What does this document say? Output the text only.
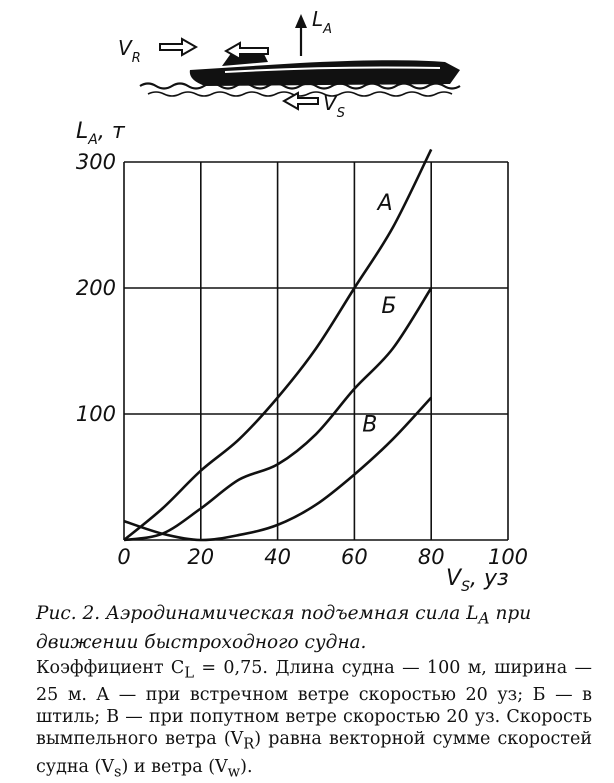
$V_R$
$L_A$
$V_S$
0	20 40 60 80 100
100
200
300
A
Б
В
$L_A$, т
$V_S$, уз

Рис. 2. Аэродинамическая подъемная сила $L_A$ при движении быстроходного судна.

Коэффициент $C_L = 0,75$. Длина судна — 100 м, ширина — 25 м. A — при встречном ветре скоростью 20 уз; Б — в штиль; В — при попутном ветре скоростью 20 уз. Скорость вымпельного ветра $(V_R)$ равна векторной сумме скоростей судна $(V_s)$ и ветра $(V_w)$.
